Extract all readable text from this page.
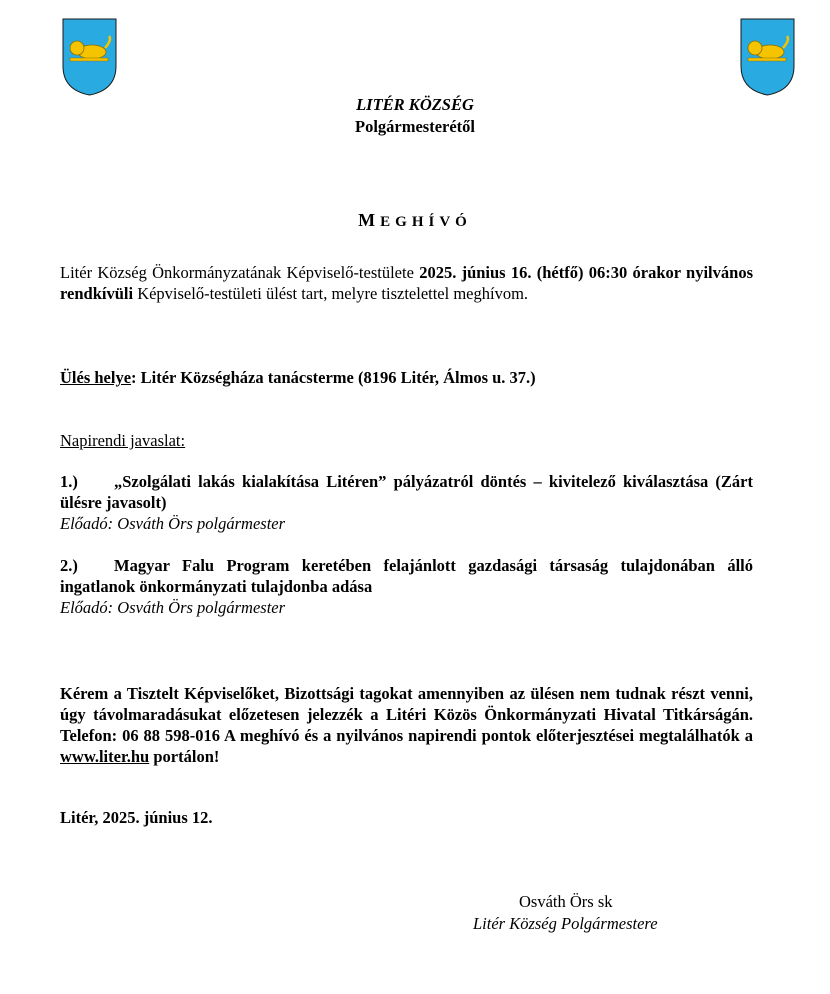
LITÉR KÖZSÉG
Polgármesterétől
MEGHÍVÓ
Litér Község Önkormányzatának Képviselő-testülete 2025. június 16. (hétfő) 06:30 órakor nyilvános rendkívüli Képviselő-testületi ülést tart, melyre tisztelettel meghívom.
Ülés helye: Litér Községháza tanácsterme (8196 Litér, Álmos u. 37.)
Napirendi javaslat:
1.) „Szolgálati lakás kialakítása Litéren” pályázatról döntés – kivitelező kiválasztása (Zárt ülésre javasolt)
Előadó: Osváth Örs polgármester
2.) Magyar Falu Program keretében felajánlott gazdasági társaság tulajdonában álló ingatlanok önkormányzati tulajdonba adása
Előadó: Osváth Örs polgármester
Kérem a Tisztelt Képviselőket, Bizottsági tagokat amennyiben az ülésen nem tudnak részt venni, úgy távolmaradásukat előzetesen jelezzék a Litéri Közös Önkormányzati Hivatal Titkárságán. Telefon: 06 88 598-016 A meghívó és a nyilvános napirendi pontok előterjesztései megtalálhatók a www.liter.hu portálon!
Litér, 2025. június 12.
Osváth Örs sk
Litér Község Polgármestere
